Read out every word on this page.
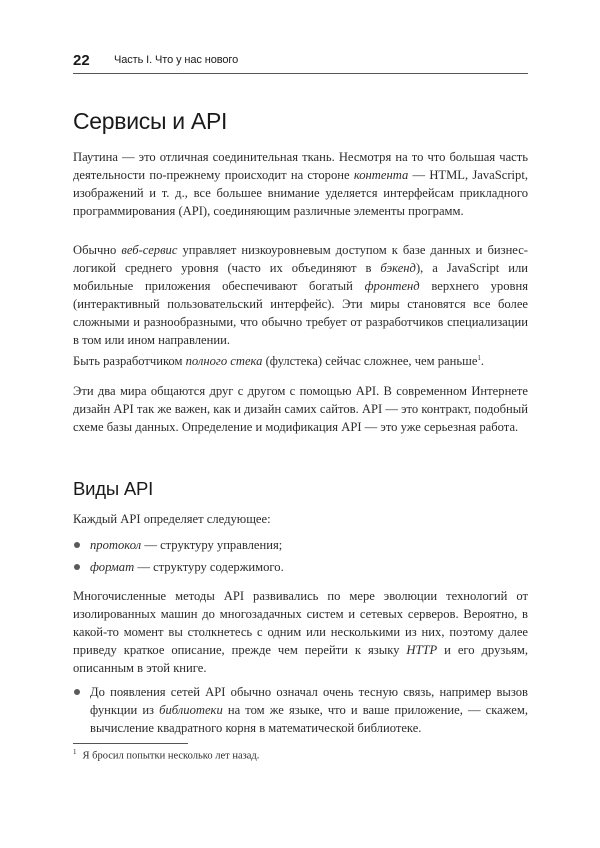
22 Часть I. Что у нас нового
Сервисы и API

Паутина — это отличная соединительная ткань. Несмотря на то что большая часть деятельности по-прежнему происходит на стороне контента — HTML, JavaScript, изображений и т. д., все большее внимание уделяется интерфейсам прикладного программирования (API), соединяющим различные элементы программ.

Обычно веб-сервис управляет низкоуровневым доступом к базе данных и бизнес-логикой среднего уровня (часто их объединяют в бэкенд), а JavaScript или мобильные приложения обеспечивают богатый фронтенд верхнего уровня (интерактивный пользовательский интерфейс). Эти миры становятся все более сложными и разнообразными, что обычно требует от разработчиков специализации в том или ином направлении.

Быть разработчиком полного стека (фулстека) сейчас сложнее, чем раньше$^1$.

Эти два мира общаются друг с другом с помощью API. В современном Интернете дизайн API так же важен, как и дизайн самих сайтов. API — это контракт, подобный схеме базы данных. Определение и модификация API — это уже серьезная работа.

Виды API

Каждый API определяет следующее:

протокол — структуру управления;
формат — структуру содержимого.

Многочисленные методы API развивались по мере эволюции технологий от изолированных машин до многозадачных систем и сетевых серверов. Вероятно, в какой-то момент вы столкнетесь с одним или несколькими из них, поэтому далее приведу краткое описание, прежде чем перейти к языку HTTP и его друзьям, описанным в этой книге.

До появления сетей API обычно означал очень тесную связь, например вызов функции из библиотеки на том же языке, что и ваше приложение, — скажем, вычисление квадратного корня в математической библиотеке.
$^1$ Я бросил попытки несколько лет назад.
